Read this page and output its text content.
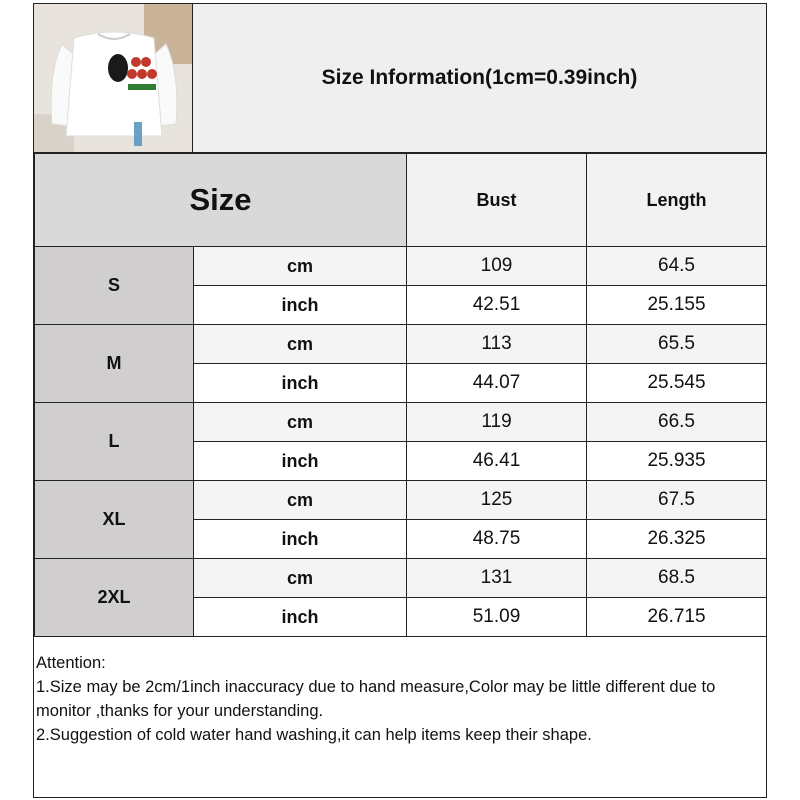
Size Information(1cm=0.39inch)
Size		Bust	Length
S	cm	109	64.5
	inch	42.51	25.155
M	cm	113	65.5
	inch	44.07	25.545
L	cm	119	66.5
	inch	46.41	25.935
XL	cm	125	67.5
	inch	48.75	26.325
2XL	cm	131	68.5
	inch	51.09	26.715
Attention:
1.Size may be 2cm/1inch inaccuracy due to hand measure,Color may be little different due to monitor ,thanks for your understanding.
2.Suggestion of cold water hand washing,it can help items keep their shape.
